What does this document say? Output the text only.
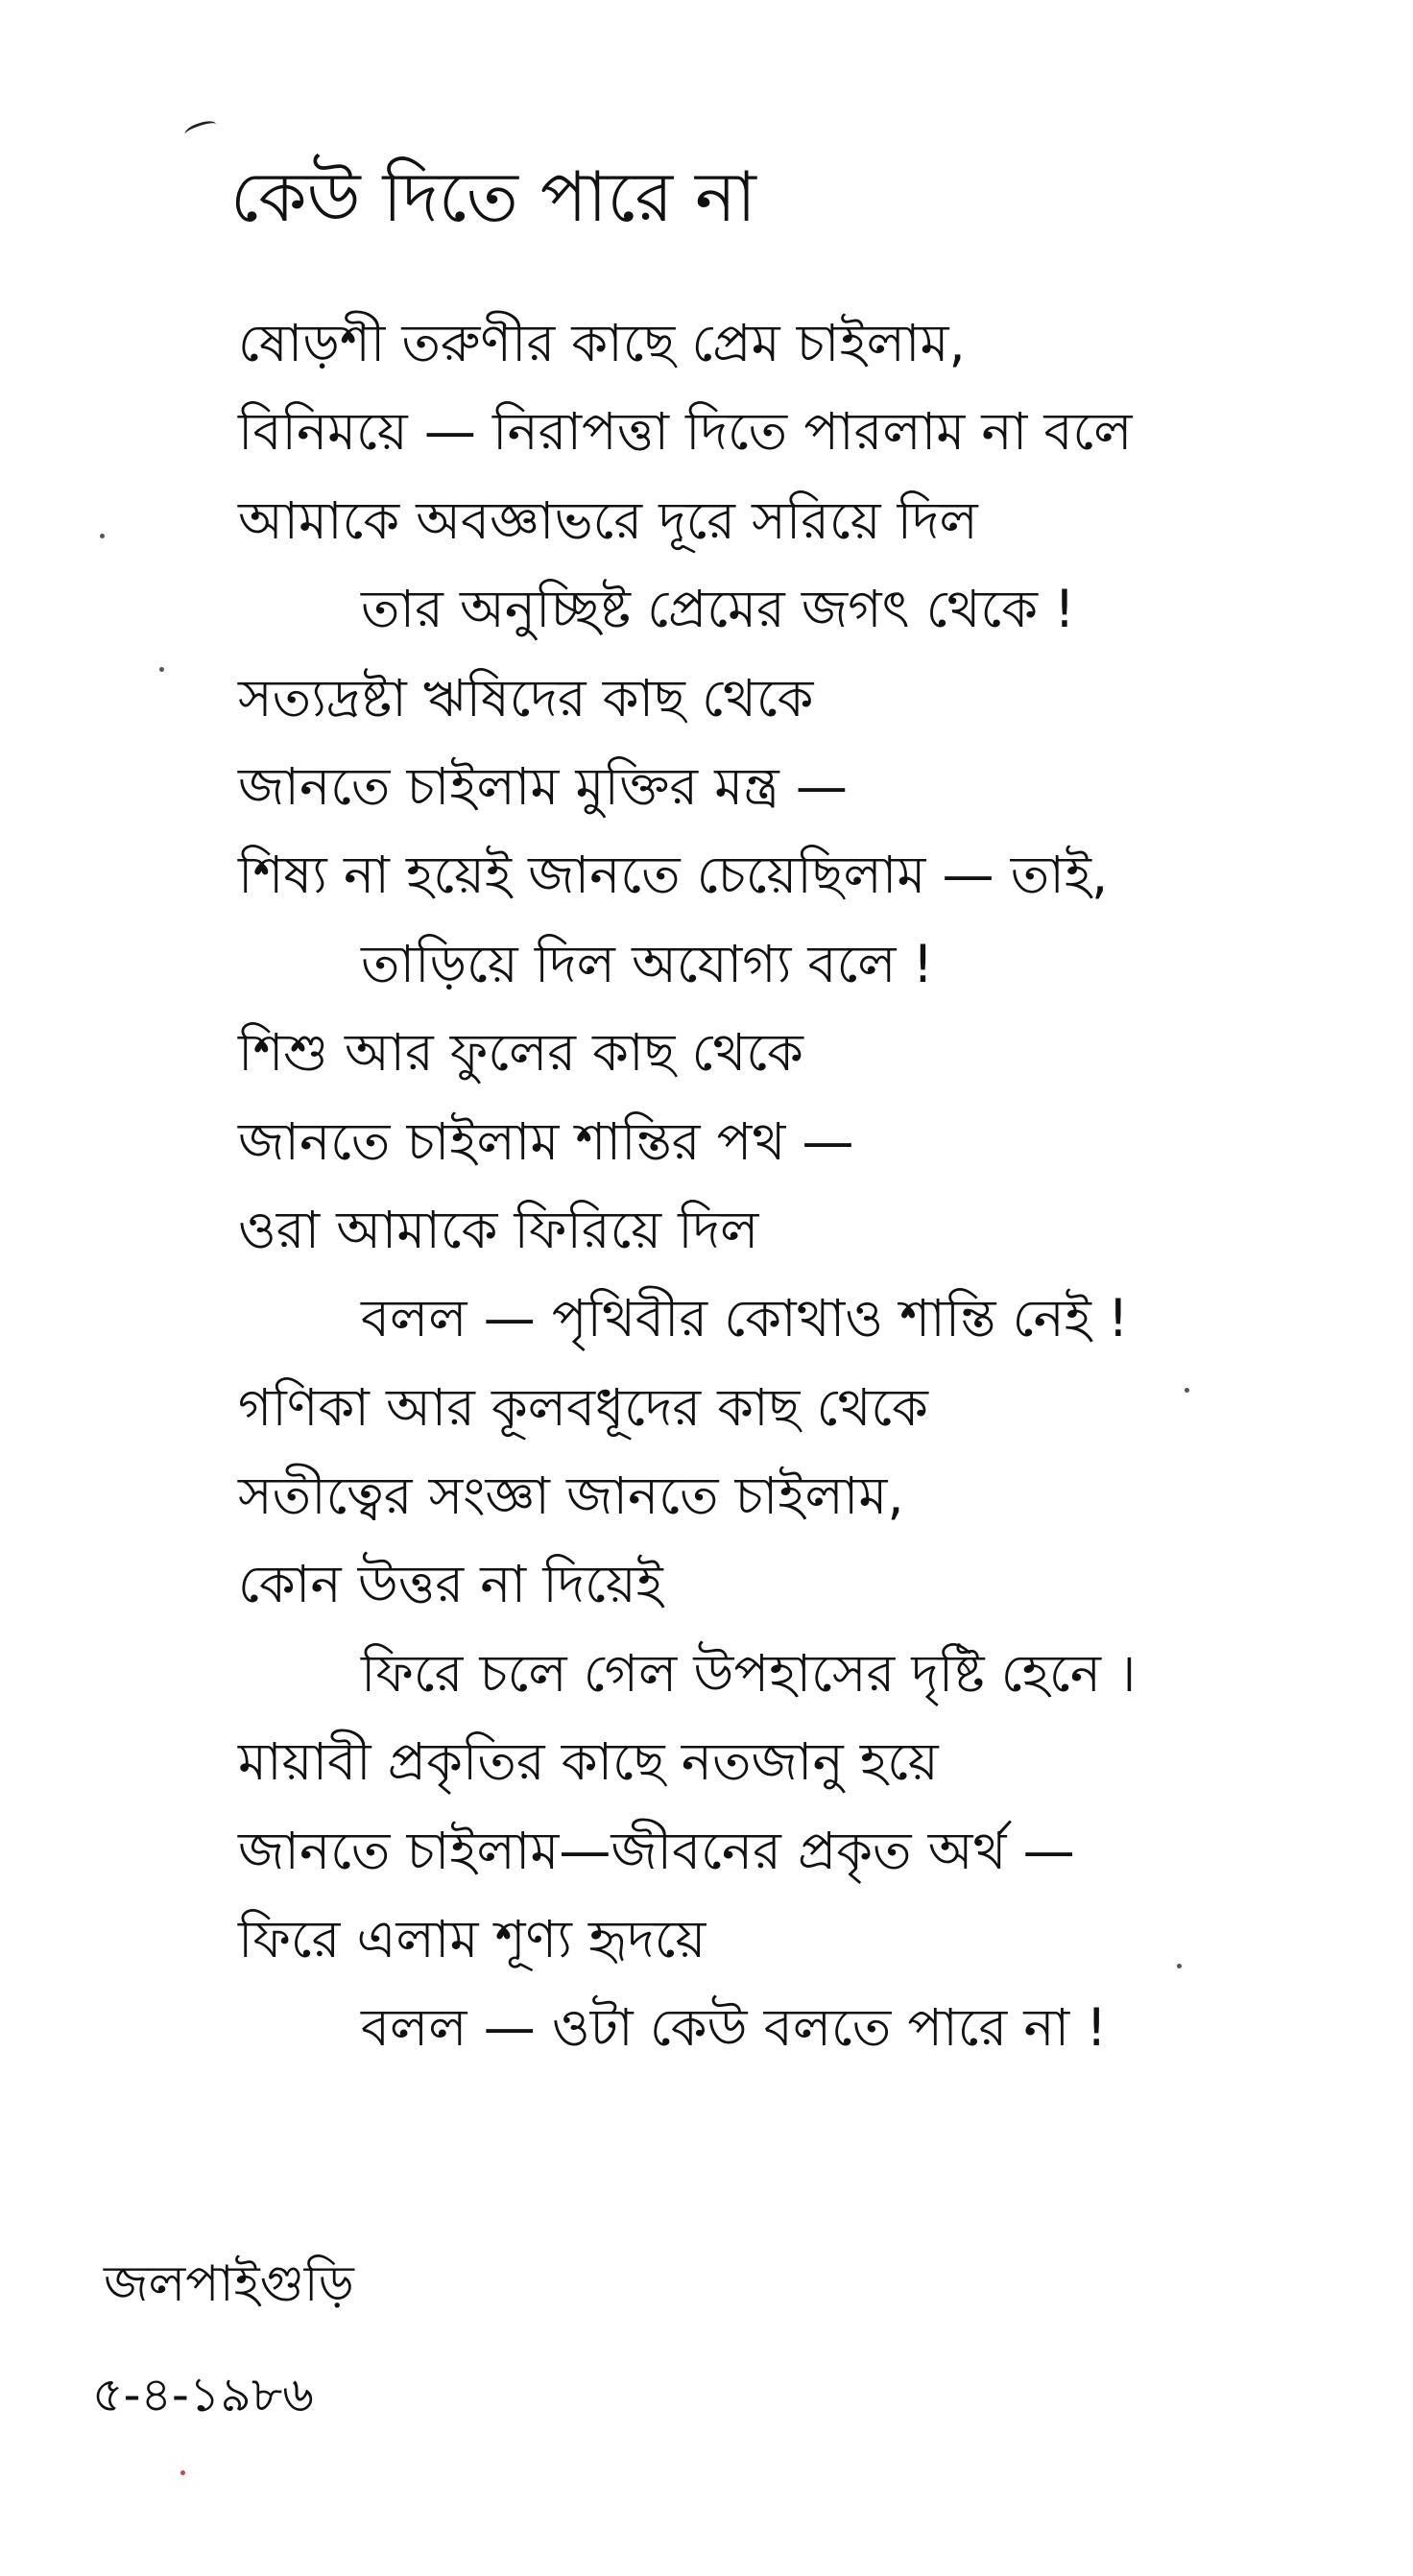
কেউ দিতে পারে না
ষোড়শী তরুণীর কাছে প্রেম চাইলাম,
বিনিময়ে — নিরাপত্তা দিতে পারলাম না বলে
আমাকে অবজ্ঞাভরে দূরে সরিয়ে দিল
তার অনুচ্ছিষ্ট প্রেমের জগৎ থেকে !
সত্যদ্রষ্টা ঋষিদের কাছ থেকে
জানতে চাইলাম মুক্তির মন্ত্র —
শিষ্য না হয়েই জানতে চেয়েছিলাম — তাই,
তাড়িয়ে দিল অযোগ্য বলে !
শিশু আর ফুলের কাছ থেকে
জানতে চাইলাম শান্তির পথ —
ওরা আমাকে ফিরিয়ে দিল
বলল — পৃথিবীর কোথাও শান্তি নেই !
গণিকা আর কূলবধূদের কাছ থেকে
সতীত্বের সংজ্ঞা জানতে চাইলাম,
কোন উত্তর না দিয়েই
ফিরে চলে গেল উপহাসের দৃষ্টি হেনে ।
মায়াবী প্রকৃতির কাছে নতজানু হয়ে
জানতে চাইলাম—জীবনের প্রকৃত অর্থ —
ফিরে এলাম শূণ্য হৃদয়ে
বলল — ওটা কেউ বলতে পারে না !
জলপাইগুড়ি
৫-৪-১৯৮৬
